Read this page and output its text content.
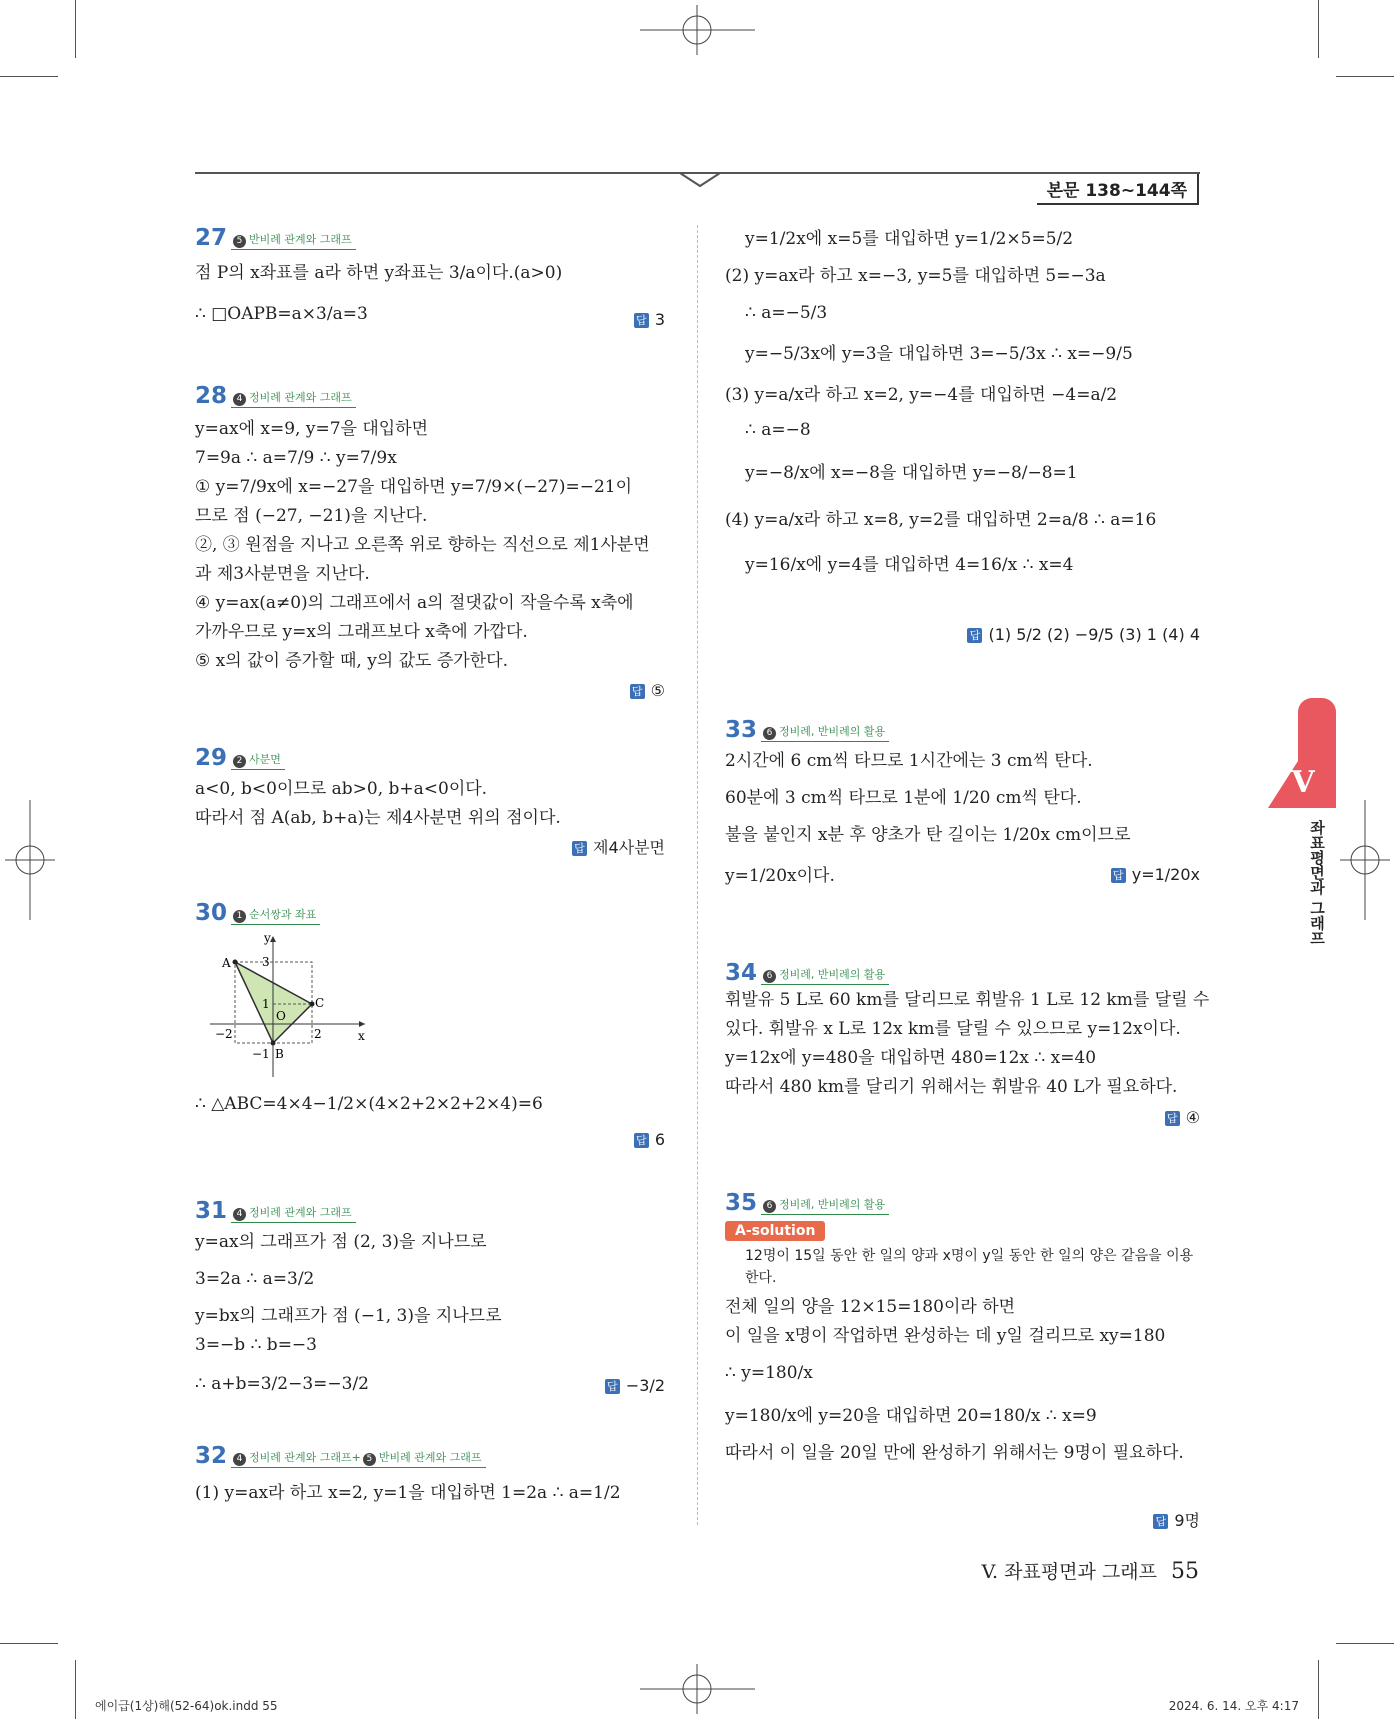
본문 138~144쪽
27 5 반비례 관계와 그래프
점 P의 x좌표를 a라 하면 y좌표는 3/a이다.(a>0)
∴ □OAPB=a×3/a=3	답 3
28 4 정비례 관계와 그래프
y=ax에 x=9, y=7을 대입하면
7=9a ∴ a=7/9 ∴ y=7/9x
① y=7/9x에 x=−27을 대입하면 y=7/9×(−27)=−21이
므로 점 (−27, −21)을 지난다.
②, ③ 원점을 지나고 오른쪽 위로 향하는 직선으로 제1사분면
과 제3사분면을 지난다.
④ y=ax(a≠0)의 그래프에서 a의 절댓값이 작을수록 x축에
가까우므로 y=x의 그래프보다 x축에 가깝다.
⑤ x의 값이 증가할 때, y의 값도 증가한다.
답 ⑤
29 2 사분면
a<0, b<0이므로 ab>0, b+a<0이다.
따라서 점 A(ab, b+a)는 제4사분면 위의 점이다.
답 제4사분면
30 1 순서쌍과 좌표
y
x
A
B
C
O
3
1
−2	2
−1
∴ △ABC=4×4−1/2×(4×2+2×2+2×4)=6
답 6
31 4 정비례 관계와 그래프
y=ax의 그래프가 점 (2, 3)을 지나므로
3=2a ∴ a=3/2
y=bx의 그래프가 점 (−1, 3)을 지나므로
3=−b ∴ b=−3
∴ a+b=3/2−3=−3/2	답 −3/2
32 4 정비례 관계와 그래프+ 5 반비례 관계와 그래프
(1) y=ax라 하고 x=2, y=1을 대입하면 1=2a ∴ a=1/2
y=1/2x에 x=5를 대입하면 y=1/2×5=5/2
(2) y=ax라 하고 x=−3, y=5를 대입하면 5=−3a
∴ a=−5/3
y=−5/3x에 y=3을 대입하면 3=−5/3x ∴ x=−9/5
(3) y=a/x라 하고 x=2, y=−4를 대입하면 −4=a/2
∴ a=−8
y=−8/x에 x=−8을 대입하면 y=−8/−8=1
(4) y=a/x라 하고 x=8, y=2를 대입하면 2=a/8 ∴ a=16
y=16/x에 y=4를 대입하면 4=16/x ∴ x=4
답 (1) 5/2 (2) −9/5 (3) 1 (4) 4
33 6 정비례, 반비례의 활용
2시간에 6 cm씩 타므로 1시간에는 3 cm씩 탄다.
60분에 3 cm씩 타므로 1분에 1/20 cm씩 탄다.
불을 붙인지 x분 후 양초가 탄 길이는 1/20x cm이므로
y=1/20x이다.	답 y=1/20x
34 6 정비례, 반비례의 활용
휘발유 5 L로 60 km를 달리므로 휘발유 1 L로 12 km를 달릴 수
있다. 휘발유 x L로 12x km를 달릴 수 있으므로 y=12x이다.
y=12x에 y=480을 대입하면 480=12x ∴ x=40
따라서 480 km를 달리기 위해서는 휘발유 40 L가 필요하다.
답 ④
35 6 정비례, 반비례의 활용
A-solution
12명이 15일 동안 한 일의 양과 x명이 y일 동안 한 일의 양은 같음을 이용
한다.
전체 일의 양을 12×15=180이라 하면
이 일을 x명이 작업하면 완성하는 데 y일 걸리므로 xy=180
∴ y=180/x
y=180/x에 y=20을 대입하면 20=180/x ∴ x=9
따라서 이 일을 20일 만에 완성하기 위해서는 9명이 필요하다.
답 9명
V
좌표평면과 그래프
V. 좌표평면과 그래프 55
에이급(1상)해(52-64)ok.indd 55	2024. 6. 14. 오후 4:17
